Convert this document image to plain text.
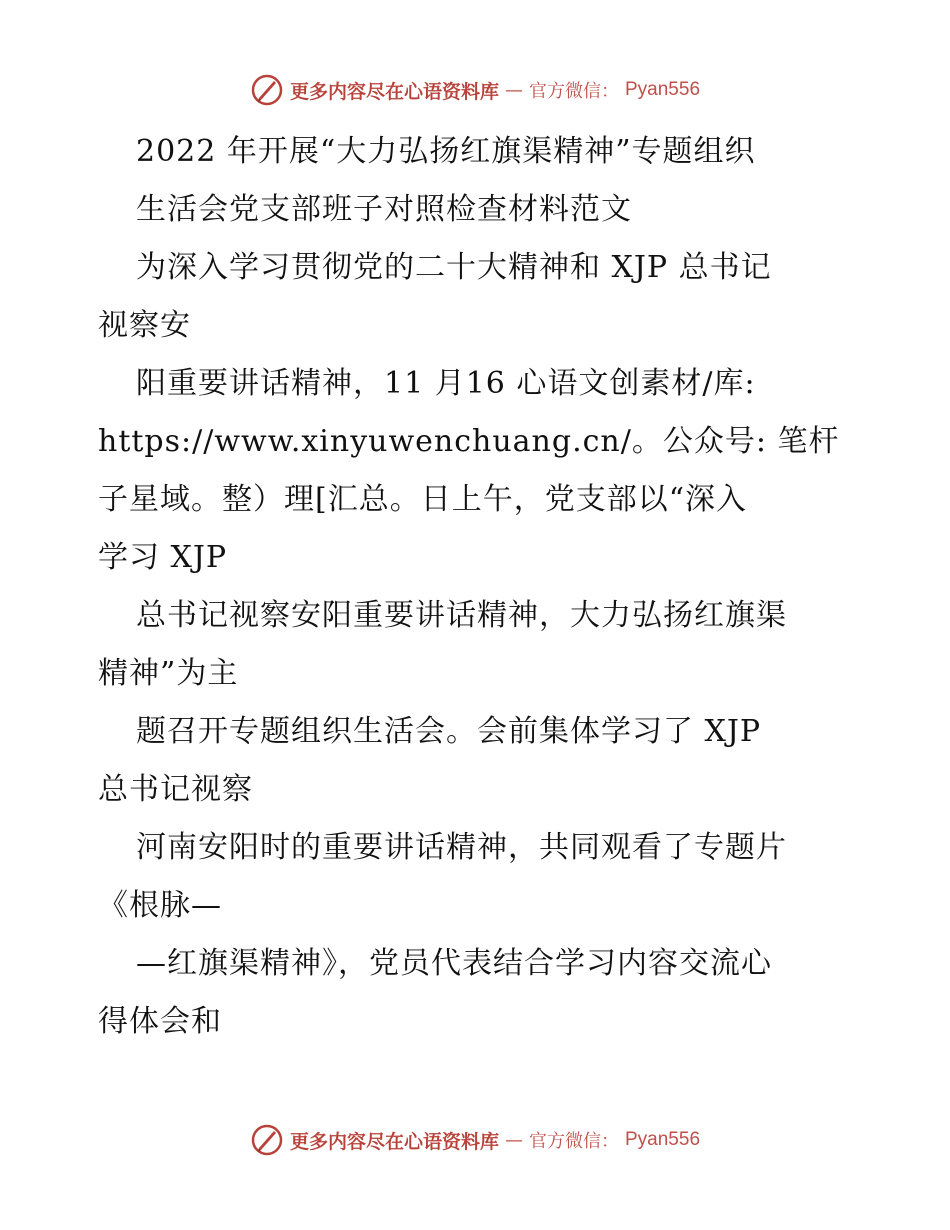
更多内容尽在心语资料库 — 官方微信： Pyan556
2022 年开展“大力弘扬红旗渠精神”专题组织
生活会党支部班子对照检查材料范文
为深入学习贯彻党的二十大精神和 XJP 总书记
视察安
阳重要讲话精神，11 月16 心语文创素材/库:
https://www.xinyuwenchuang.cn/。公众号: 笔杆
子星域。整）理[汇总。日上午，党支部以“深入
学习 XJP
总书记视察安阳重要讲话精神，大力弘扬红旗渠
精神”为主
题召开专题组织生活会。会前集体学习了 XJP
总书记视察
河南安阳时的重要讲话精神，共同观看了专题片
《根脉—
—红旗渠精神》，党员代表结合学习内容交流心
得体会和
更多内容尽在心语资料库 — 官方微信： Pyan556
